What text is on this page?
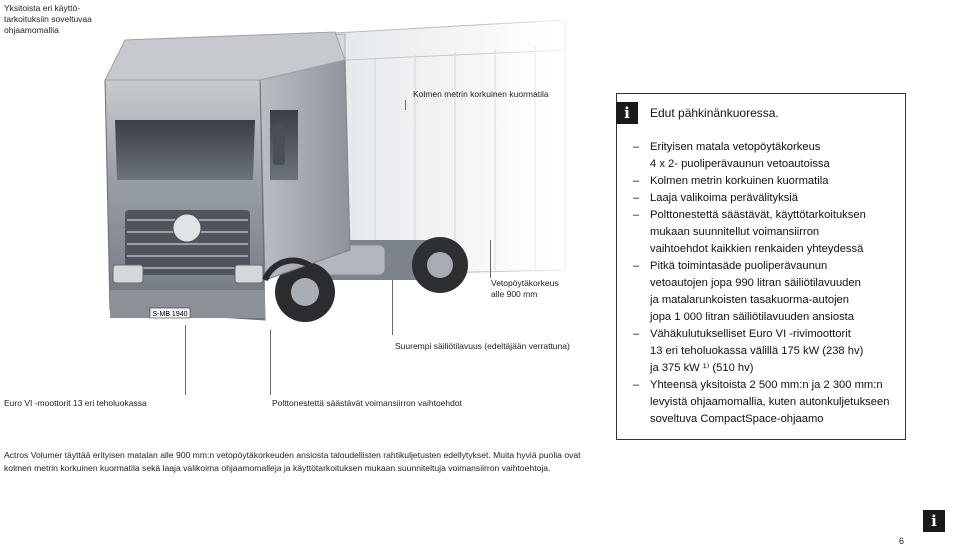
Yksitoista eri käyttö-tarkoituksiin soveltuvaa ohjaamomallia
S-MB 1940
Kolmen metrin korkuinen kuormatila
Vetopöytäkorkeus alle 900 mm
Suurempi säiliötilavuus (edeltäjään verrattuna)
Euro VI -moottorit 13 eri teholuokassa	Polttonestettä säästävät voimansiirron vaihtoehdot
i	Edut pähkinänkuoressa.
– Erityisen matala vetopöytäkorkeus
4 x 2- puoliperävaunun vetoautoissa
– Kolmen metrin korkuinen kuormatila
– Laaja valikoima perävälityksiä
– Polttonestettä säästävät, käyttötarkoituksen
mukaan suunnitellut voimansiirron
vaihtoehdot kaikkien renkaiden yhteydessä
– Pitkä toimintasäde puoliperävaunun
vetoautojen jopa 990 litran säiliötilavuuden
ja matalarunkoisten tasakuorma-autojen
jopa 1 000 litran säiliötilavuuden ansiosta
– Vähäkulutukselliset Euro VI -rivimoottorit
13 eri teholuokassa välillä 175 kW (238 hv)
ja 375 kW ¹⁾ (510 hv)
– Yhteensä yksitoista 2 500 mm:n ja 2 300 mm:n
levyistä ohjaamomallia, kuten autonkuljetukseen
soveltuva CompactSpace-ohjaamo
Actros Volumer täyttää erityisen matalan alle 900 mm:n vetopöytäkorkeuden ansiosta taloudellisten rahtikuljetusten edellytykset. Muita hyviä puolia ovat kolmen metrin korkuinen kuormatila sekä laaja valikoima ohjaamomalleja ja käyttötarkoituksen mukaan suunniteltuja voimansiirron vaihtoehtoja.
i
6
